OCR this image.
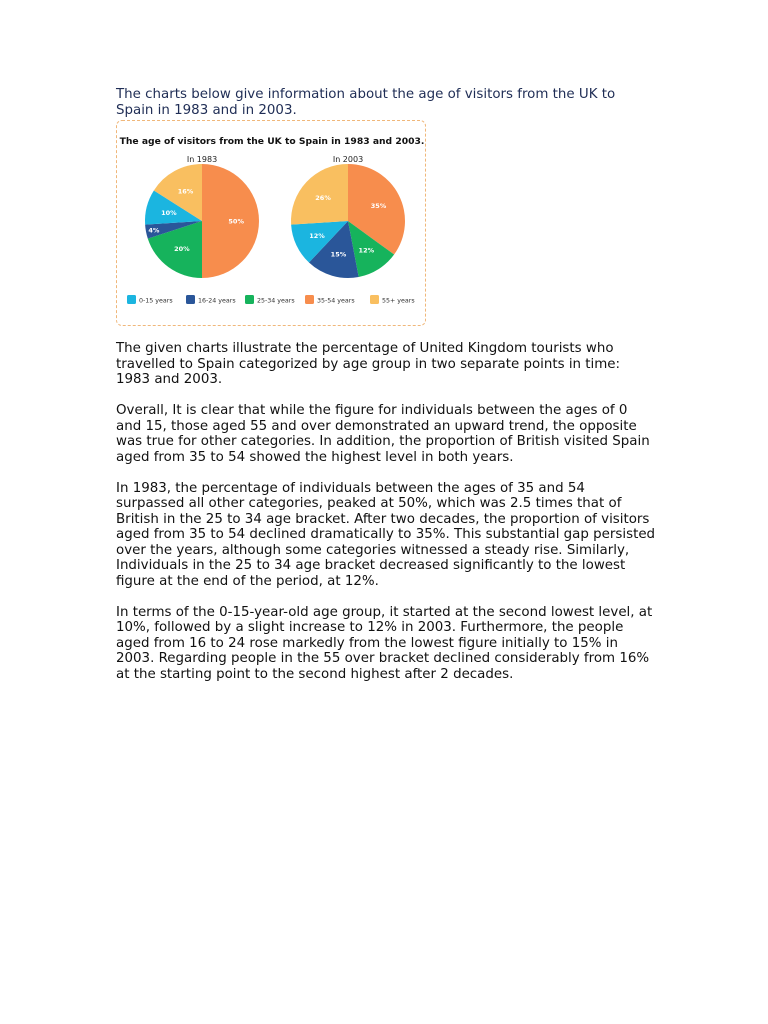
The charts below give information about the age of visitors from the UK to Spain in 1983 and in 2003.

The age of visitors from the UK to Spain in 1983 and 2003.
In 1983	In 2003
50%
20%
4%
10%
16%
35%
12%
15%
12%
26%
0-15 years	16-24 years	25-34 years	35-54 years	55+ years

The given charts illustrate the percentage of United Kingdom tourists who travelled to Spain categorized by age group in two separate points in time: 1983 and 2003.

Overall, It is clear that while the figure for individuals between the ages of 0 and 15, those aged 55 and over demonstrated an upward trend, the opposite was true for other categories. In addition, the proportion of British visited Spain aged from 35 to 54 showed the highest level in both years.

In 1983, the percentage of individuals between the ages of 35 and 54 surpassed all other categories, peaked at 50%, which was 2.5 times that of British in the 25 to 34 age bracket. After two decades, the proportion of visitors aged from 35 to 54 declined dramatically to 35%. This substantial gap persisted over the years, although some categories witnessed a steady rise. Similarly, Individuals in the 25 to 34 age bracket decreased significantly to the lowest figure at the end of the period, at 12%.

In terms of the 0-15-year-old age group, it started at the second lowest level, at 10%, followed by a slight increase to 12% in 2003. Furthermore, the people aged from 16 to 24 rose markedly from the lowest figure initially to 15% in 2003. Regarding people in the 55 over bracket declined considerably from 16% at the starting point to the second highest after 2 decades.
